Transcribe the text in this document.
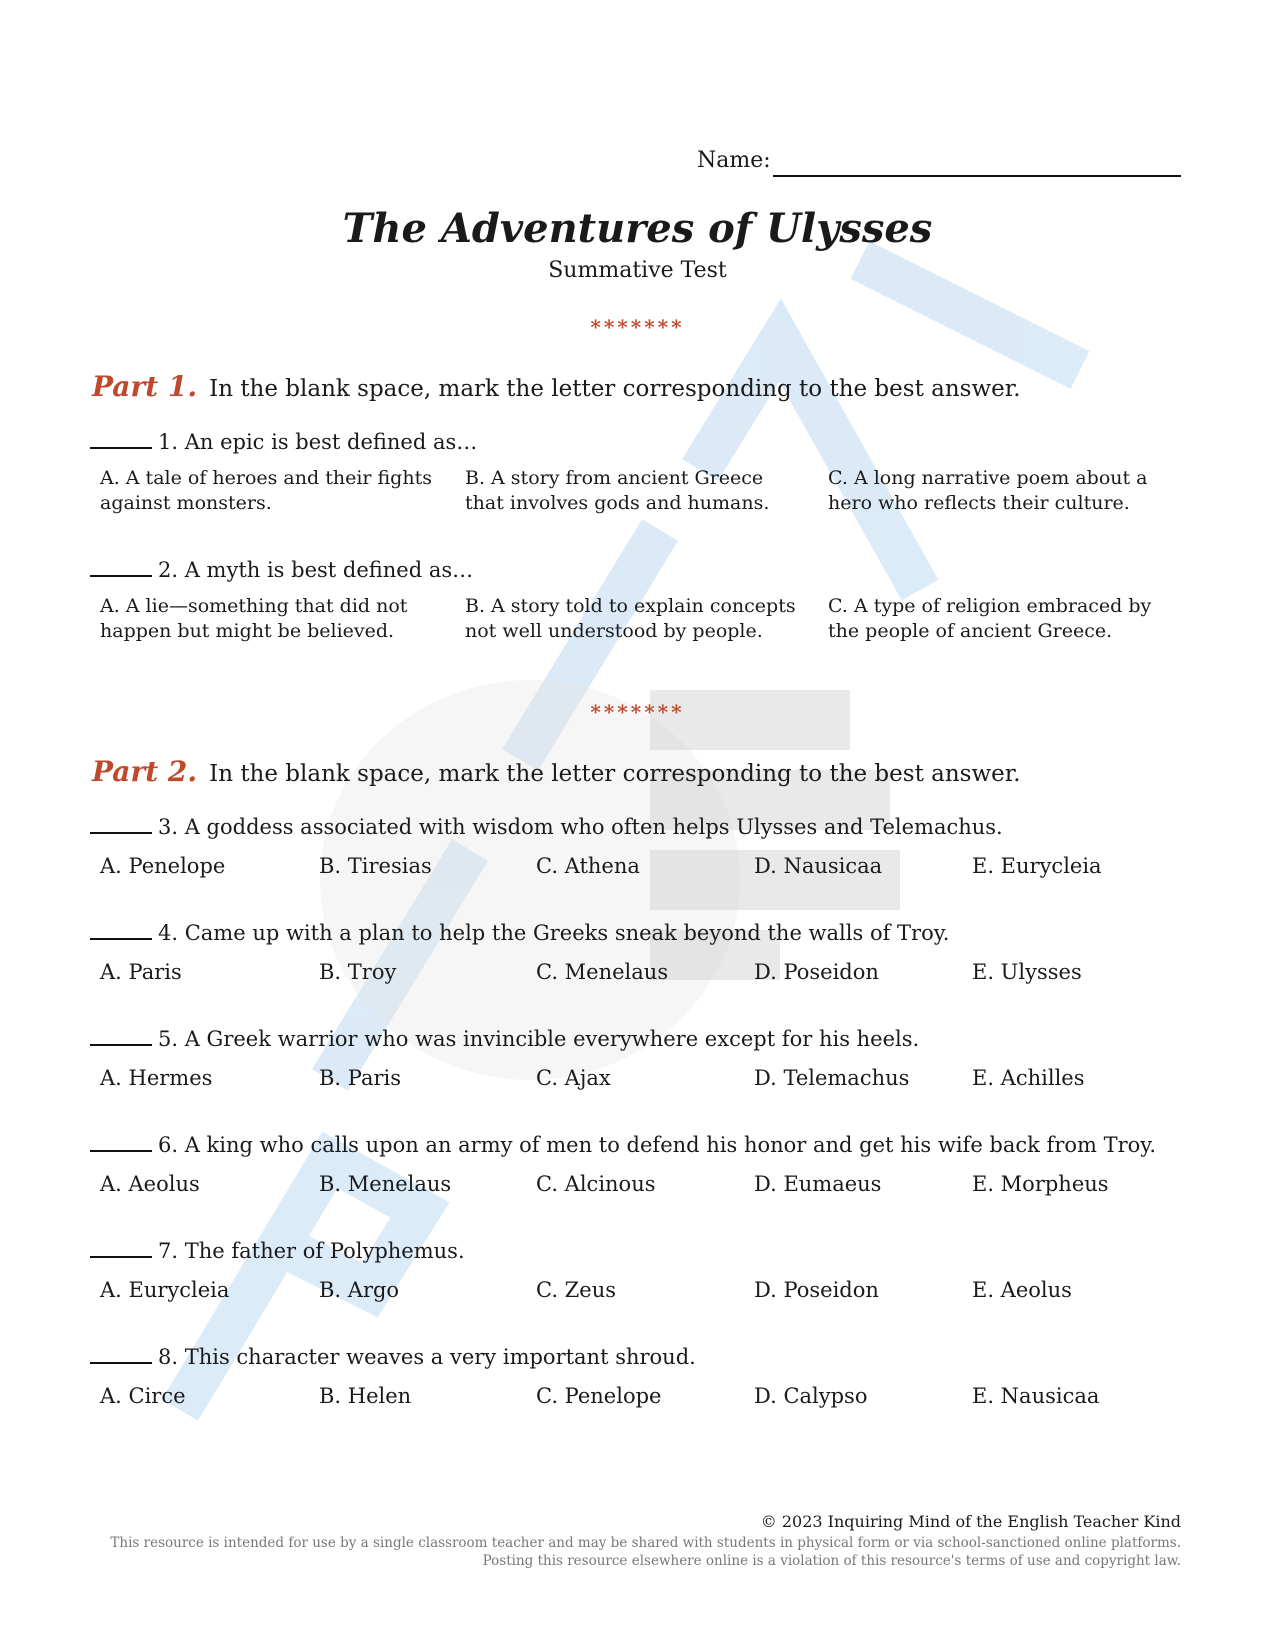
Name:
The Adventures of Ulysses
Summative Test
*******
Part 1. In the blank space, mark the letter corresponding to the best answer.
*******
Part 2. In the blank space, mark the letter corresponding to the best answer.
© 2023 Inquiring Mind of the English Teacher Kind
This resource is intended for use by a single classroom teacher and may be shared with students in physical form or via school-sanctioned online platforms.
Posting this resource elsewhere online is a violation of this resource's terms of use and copyright law.
1. An epic is best defined as…
A. A tale of heroes and their fights against monsters.
B. A story from ancient Greece that involves gods and humans.
C. A long narrative poem about a hero who reflects their culture.
2. A myth is best defined as…
A. A lie—something that did not happen but might be believed.
B. A story told to explain concepts not well understood by people.
C. A type of religion embraced by the people of ancient Greece.
3. A goddess associated with wisdom who often helps Ulysses and Telemachus.
A. Penelope	B. Tiresias	C. Athena	D. Nausicaa	E. Eurycleia
4. Came up with a plan to help the Greeks sneak beyond the walls of Troy.
A. Paris	B. Troy	C. Menelaus	D. Poseidon	E. Ulysses
5. A Greek warrior who was invincible everywhere except for his heels.
A. Hermes	B. Paris	C. Ajax	D. Telemachus	E. Achilles
6. A king who calls upon an army of men to defend his honor and get his wife back from Troy.
A. Aeolus	B. Menelaus	C. Alcinous	D. Eumaeus	E. Morpheus
7. The father of Polyphemus.
A. Eurycleia	B. Argo	C. Zeus	D. Poseidon	E. Aeolus
8. This character weaves a very important shroud.
A. Circe	B. Helen	C. Penelope	D. Calypso	E. Nausicaa
